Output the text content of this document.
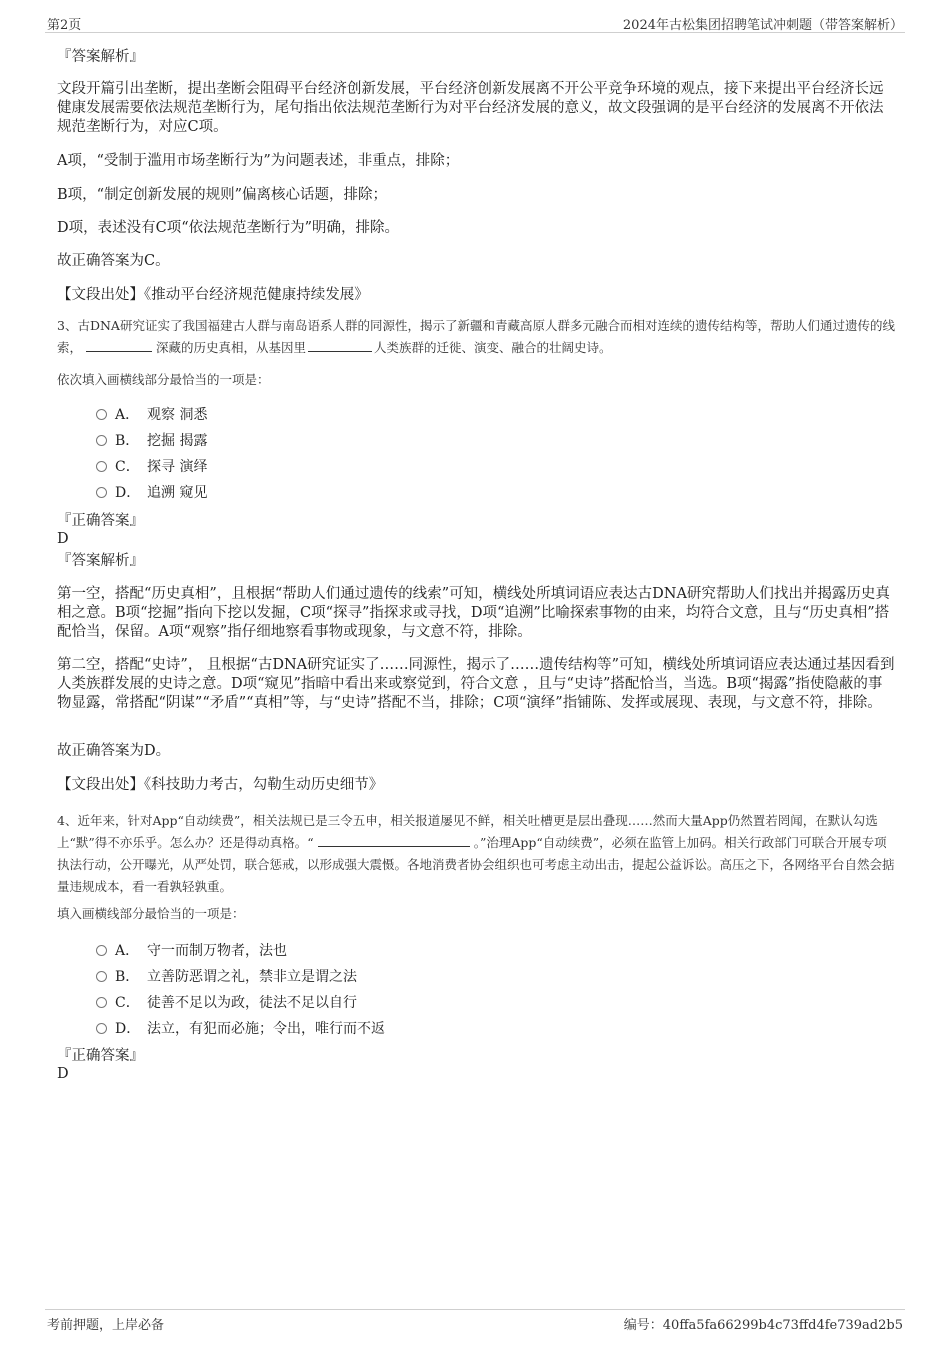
第2页	2024年古松集团招聘笔试冲刺题（带答案解析）
『答案解析』
文段开篇引出垄断，提出垄断会阻碍平台经济创新发展，平台经济创新发展离不开公平竞争环境的观点，接下来提出平台经济长远健康发展需要依法规范垄断行为，尾句指出依法规范垄断行为对平台经济发展的意义，故文段强调的是平台经济的发展离不开依法规范垄断行为，对应C项。
A项，“受制于滥用市场垄断行为”为问题表述，非重点，排除；
B项，“制定创新发展的规则”偏离核心话题，排除；
D项，表述没有C项“依法规范垄断行为”明确，排除。
故正确答案为C。
【文段出处】《推动平台经济规范健康持续发展》
3、古DNA研究证实了我国福建古人群与南岛语系人群的同源性，揭示了新疆和青藏高原人群多元融合而相对连续的遗传结构等，帮助人们通过遗传的线索，	深藏的历史真相，从基因里	人类族群的迁徙、演变、融合的壮阔史诗。
依次填入画横线部分最恰当的一项是：
A． 观察 洞悉
B． 挖掘 揭露
C． 探寻 演绎
D． 追溯 窥见
『正确答案』
D
『答案解析』
第一空，搭配“历史真相”，且根据“帮助人们通过遗传的线索”可知，横线处所填词语应表达古DNA研究帮助人们找出并揭露历史真相之意。B项“挖掘”指向下挖以发掘，C项“探寻”指探求或寻找，D项“追溯”比喻探索事物的由来，均符合文意，且与“历史真相”搭配恰当，保留。A项“观察”指仔细地察看事物或现象，与文意不符，排除。
第二空，搭配“史诗”， 且根据“古DNA研究证实了……同源性，揭示了……遗传结构等”可知，横线处所填词语应表达通过基因看到人类族群发展的史诗之意。D项“窥见”指暗中看出来或察觉到，符合文意 ，且与“史诗”搭配恰当，当选。B项“揭露”指使隐蔽的事物显露，常搭配“阴谋”“矛盾”“真相”等，与“史诗”搭配不当，排除；C项“演绎”指铺陈、发挥或展现、表现，与文意不符，排除。
故正确答案为D。
【文段出处】《科技助力考古，勾勒生动历史细节》
4、近年来，针对App“自动续费”，相关法规已是三令五申，相关报道屡见不鲜，相关吐槽更是层出叠现……然而大量App仍然置若罔闻，在默认勾选上“默”得不亦乐乎。怎么办？还是得动真格。“	。”治理App“自动续费”，必须在监管上加码。相关行政部门可联合开展专项执法行动，公开曝光，从严处罚，联合惩戒，以形成强大震慑。各地消费者协会组织也可考虑主动出击，提起公益诉讼。高压之下，各网络平台自然会掂量违规成本，看一看孰轻孰重。
填入画横线部分最恰当的一项是：
A． 守一而制万物者，法也
B． 立善防恶谓之礼，禁非立是谓之法
C． 徒善不足以为政，徒法不足以自行
D． 法立，有犯而必施；令出，唯行而不返
『正确答案』
D
考前押题，上岸必备	编号：40ffa5fa66299b4c73ffd4fe739ad2b5
